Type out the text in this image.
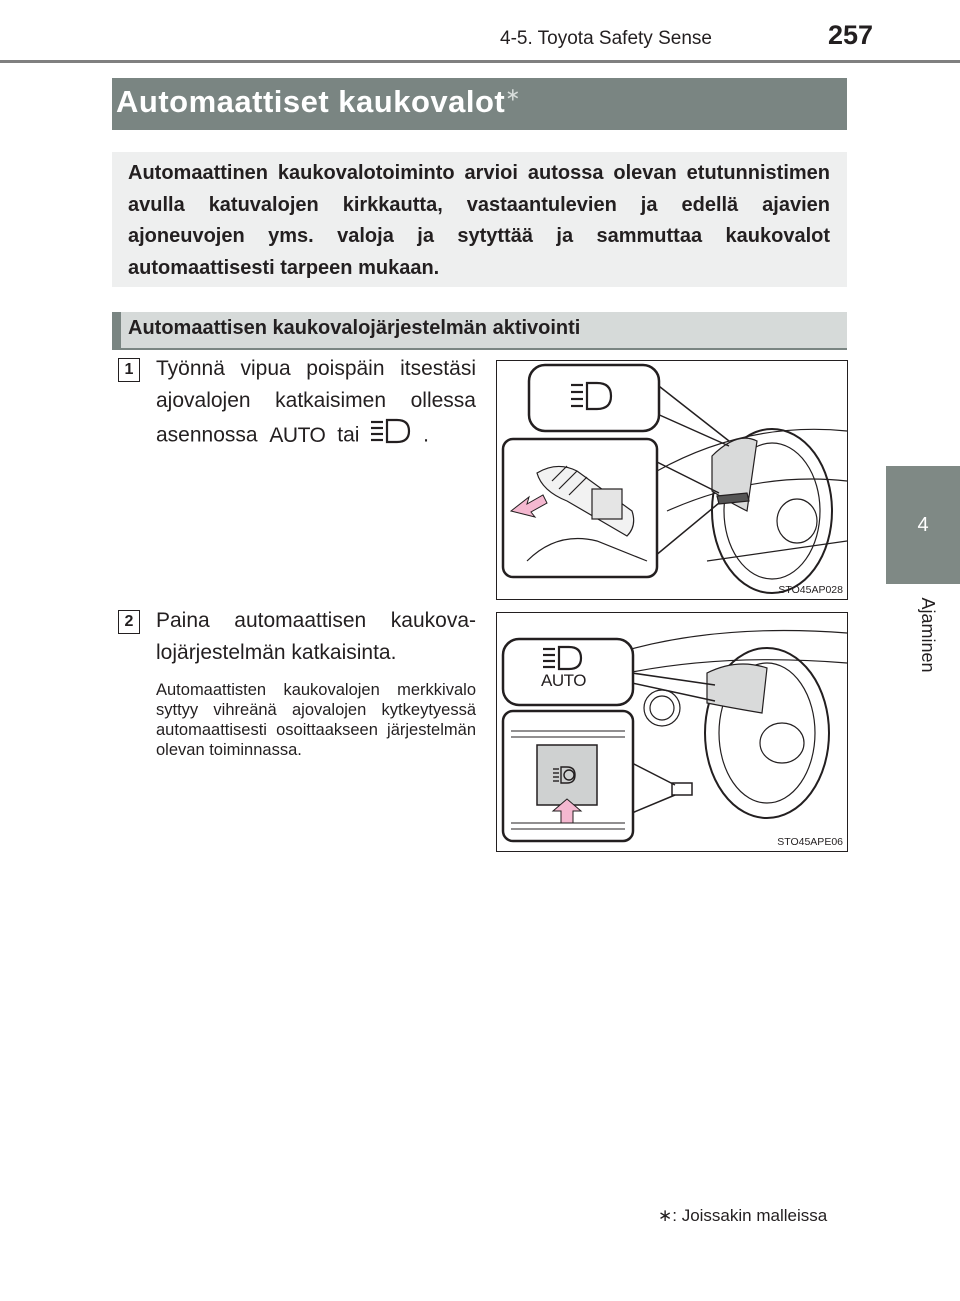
4-5. Toyota Safety Sense	257
4
Ajaminen
Automaattiset kaukovalot∗
Automaattinen kaukovalotoiminto arvioi autossa olevan etutunnistimen avulla katuvalojen kirkkautta, vastaantulevien ja edellä ajavien ajoneuvojen yms. valoja ja sytyttää ja sammuttaa kaukovalot automaattisesti tarpeen mukaan.
Automaattisen kaukovalojärjestelmän aktivointi
1	Työnnä vipua poispäin itsestäsi ajovalojen katkaisimen ollessa asennossa AUTO tai	.
STO45AP028
2	Paina automaattisen kaukovalojärjestelmän katkaisinta.
Automaattisten kaukovalojen merkkivalo syttyy vihreänä ajovalojen kytkeytyessä automaattisesti osoittaakseen järjestelmän olevan toiminnassa.
AUTO
STO45APE06
∗: Joissakin malleissa
